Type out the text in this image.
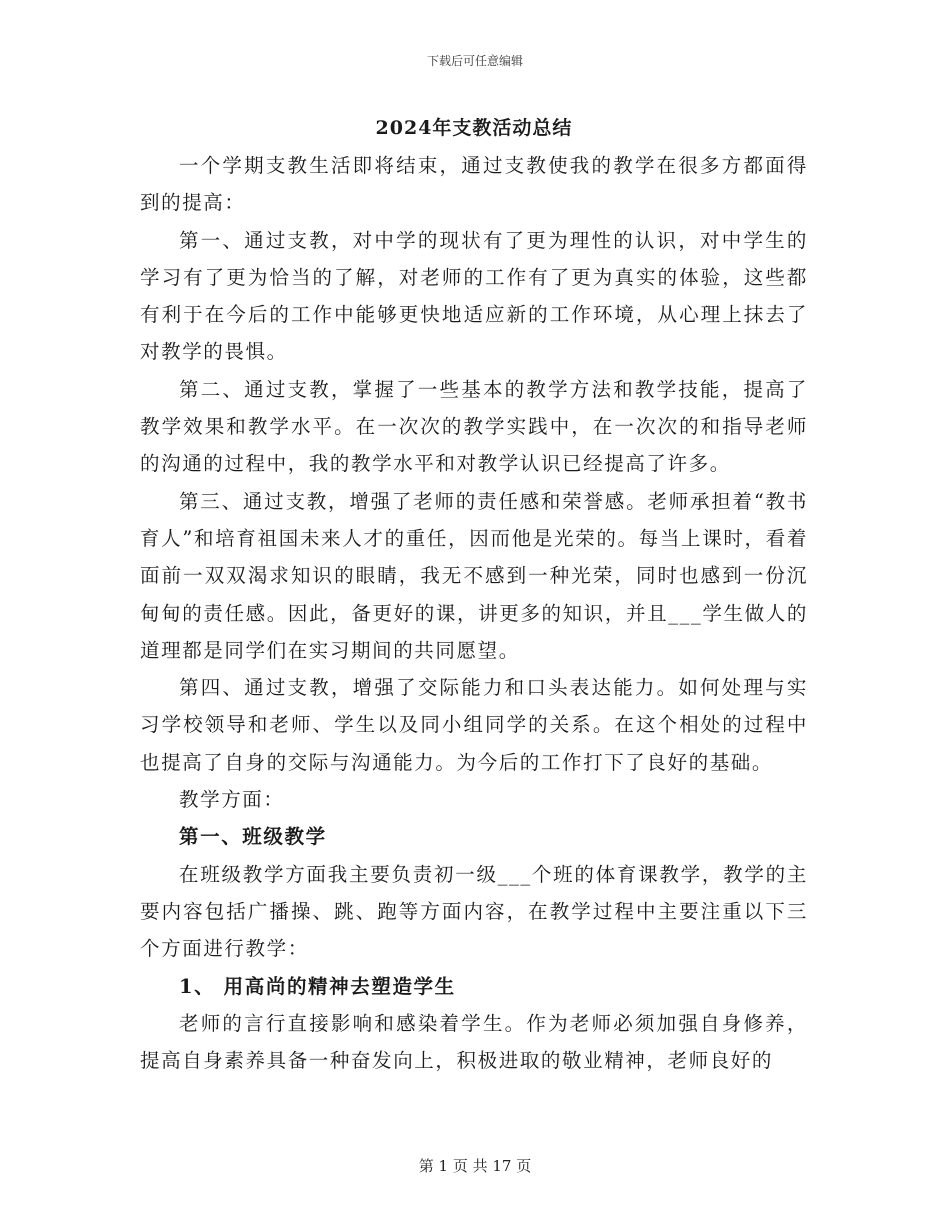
下载后可任意编辑
2024年支教活动总结

一个学期支教生活即将结束，通过支教使我的教学在很多方都面得到的提高：

第一、通过支教，对中学的现状有了更为理性的认识，对中学生的学习有了更为恰当的了解，对老师的工作有了更为真实的体验，这些都有利于在今后的工作中能够更快地适应新的工作环境，从心理上抹去了对教学的畏惧。

第二、通过支教，掌握了一些基本的教学方法和教学技能，提高了教学效果和教学水平。在一次次的教学实践中，在一次次的和指导老师的沟通的过程中，我的教学水平和对教学认识已经提高了许多。

第三、通过支教，增强了老师的责任感和荣誉感。老师承担着“教书育人”和培育祖国未来人才的重任，因而他是光荣的。每当上课时，看着面前一双双渴求知识的眼睛，我无不感到一种光荣，同时也感到一份沉甸甸的责任感。因此，备更好的课，讲更多的知识，并且___学生做人的道理都是同学们在实习期间的共同愿望。

第四、通过支教，增强了交际能力和口头表达能力。如何处理与实习学校领导和老师、学生以及同小组同学的关系。在这个相处的过程中也提高了自身的交际与沟通能力。为今后的工作打下了良好的基础。

教学方面：

第一、班级教学

在班级教学方面我主要负责初一级___个班的体育课教学，教学的主要内容包括广播操、跳、跑等方面内容，在教学过程中主要注重以下三个方面进行教学：

1、 用高尚的精神去塑造学生

老师的言行直接影响和感染着学生。作为老师必须加强自身修养，提高自身素养具备一种奋发向上，积极进取的敬业精神，老师良好的

第 1 页 共 17 页
